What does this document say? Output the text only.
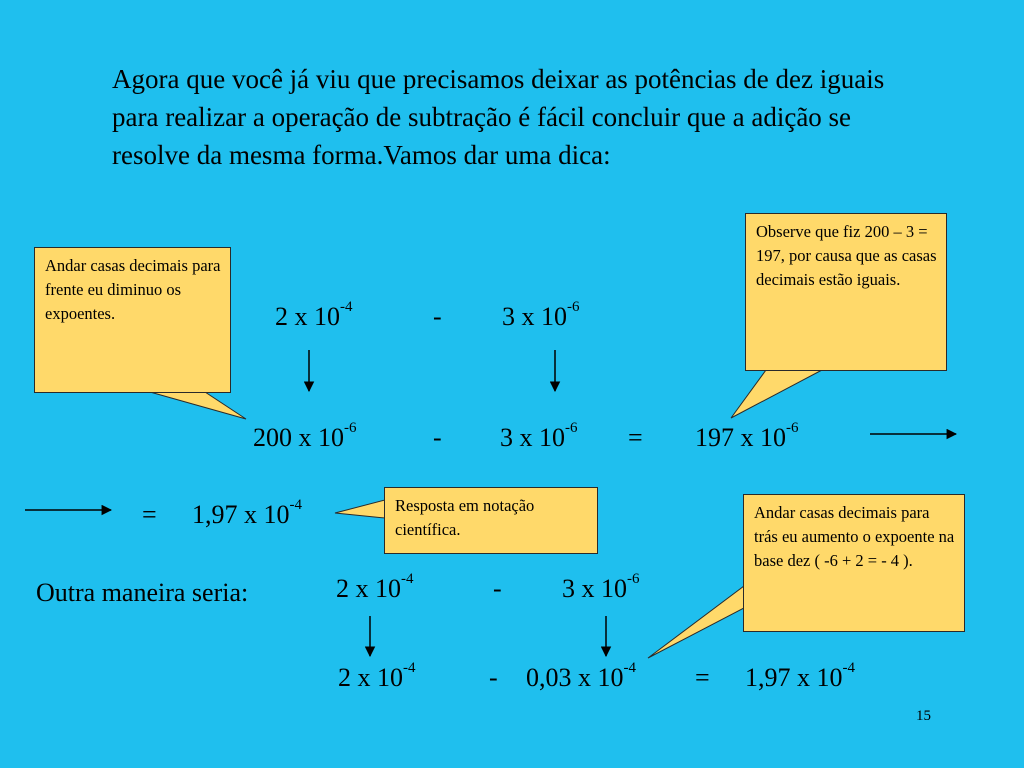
Agora que você já viu que precisamos deixar as potências de dez iguais para realizar a operação de subtração é fácil concluir que a adição se resolve da mesma forma.Vamos dar uma dica:

Andar casas decimais para frente eu diminuo os expoentes.
Observe que fiz 200 – 3 = 197, por causa que as casas decimais estão iguais.
Resposta em notação científica.
Andar casas decimais para trás eu aumento o expoente na base dez ( -6 + 2 = - 4 ).
2 x $10^{-4}$	- 3 x $10^{-6}$
200 x $10^{-6}$	- 3 x $10^{-6} = 197$ x $10^{-6}$
= 1,97 x $10^{-4}$
Outra maneira seria:	2 x $10^{-4}$	- 3 x $10^{-6}$
2 x $10^{-4}$	- 0,03 x $10^{-4} = 1,97$ x $10^{-4}$
15
